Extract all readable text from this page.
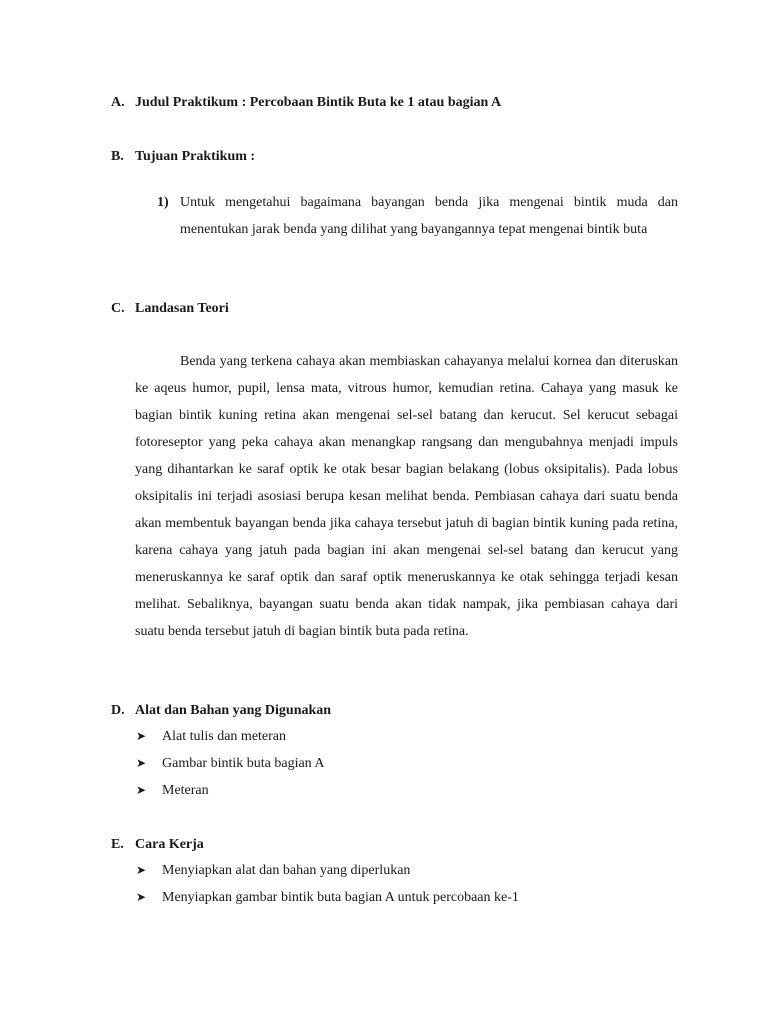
A. Judul Praktikum : Percobaan Bintik Buta ke 1 atau bagian A
B. Tujuan Praktikum :
1) Untuk mengetahui bagaimana bayangan benda jika mengenai bintik muda dan menentukan jarak benda yang dilihat yang bayangannya tepat mengenai bintik buta
C. Landasan Teori

Benda yang terkena cahaya akan membiaskan cahayanya melalui kornea dan diteruskan ke aqeus humor, pupil, lensa mata, vitrous humor, kemudian retina. Cahaya yang masuk ke bagian bintik kuning retina akan mengenai sel-sel batang dan kerucut. Sel kerucut sebagai fotoreseptor yang peka cahaya akan menangkap rangsang dan mengubahnya menjadi impuls yang dihantarkan ke saraf optik ke otak besar bagian belakang (lobus oksipitalis). Pada lobus oksipitalis ini terjadi asosiasi berupa kesan melihat benda. Pembiasan cahaya dari suatu benda akan membentuk bayangan benda jika cahaya tersebut jatuh di bagian bintik kuning pada retina, karena cahaya yang jatuh pada bagian ini akan mengenai sel-sel batang dan kerucut yang meneruskannya ke saraf optik dan saraf optik meneruskannya ke otak sehingga terjadi kesan melihat. Sebaliknya, bayangan suatu benda akan tidak nampak, jika pembiasan cahaya dari suatu benda tersebut jatuh di bagian bintik buta pada retina.

D. Alat dan Bahan yang Digunakan
➤	Alat tulis dan meteran
➤	Gambar bintik buta bagian A
➤	Meteran
E. Cara Kerja
➤	Menyiapkan alat dan bahan yang diperlukan
➤	Menyiapkan gambar bintik buta bagian A untuk percobaan ke-1
